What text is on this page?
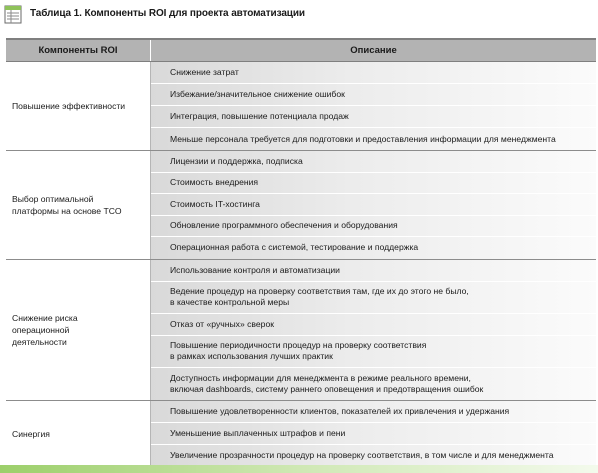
Таблица 1. Компоненты ROI для проекта автоматизации
Компоненты ROI	Описание
Повышение эффективности
Снижение затрат
Избежание/значительное снижение ошибок
Интеграция, повышение потенциала продаж
Меньше персонала требуется для подготовки и предоставления информации для менеджмента
Выбор оптимальной
платформы на основе TCO
Лицензии и поддержка, подписка
Стоимость внедрения
Стоимость IT-хостинга
Обновление программного обеспечения и оборудования
Операционная работа с системой, тестирование и поддержка
Снижение риска
операционной
деятельности
Использование контроля и автоматизации
Ведение процедур на проверку соответствия там, где их до этого не было,
в качестве контрольной меры
Отказ от «ручных» сверок
Повышение периодичности процедур на проверку соответствия
в рамках использования лучших практик
Доступность информации для менеджмента в режиме реального времени,
включая dashboards, систему раннего оповещения и предотвращения ошибок
Синергия
Повышение удовлетворенности клиентов, показателей их привлечения и удержания
Уменьшение выплаченных штрафов и пени
Увеличение прозрачности процедур на проверку соответствия, в том числе и для менеджмента
